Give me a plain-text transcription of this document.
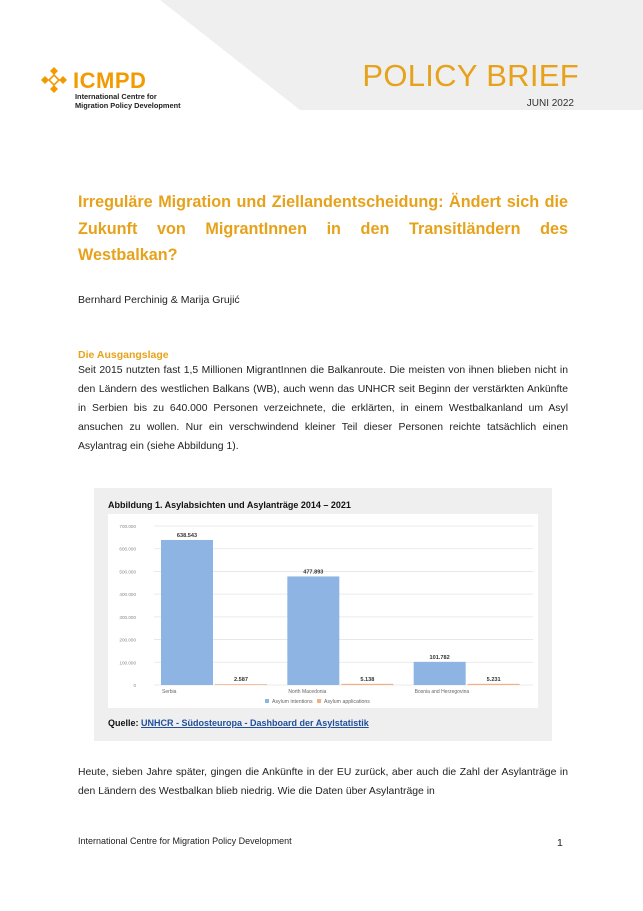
ICMPD
International Centre for
Migration Policy Development
POLICY BRIEF
JUNI 2022
Irreguläre Migration und Ziellandentscheidung: Ändert sich die Zukunft von MigrantInnen in den Transitländern des Westbalkan?
Bernhard Perchinig & Marija Grujić
Die Ausgangslage
Seit 2015 nutzten fast 1,5 Millionen MigrantInnen die Balkanroute. Die meisten von ihnen blieben nicht in den Ländern des westlichen Balkans (WB), auch wenn das UNHCR seit Beginn der verstärkten Ankünfte in Serbien bis zu 640.000 Personen verzeichnete, die erklärten, in einem Westbalkanland um Asyl ansuchen zu wollen. Nur ein verschwindend kleiner Teil dieser Personen reichte tatsächlich einen Asylantrag ein (siehe Abbildung 1).
Abbildung 1. Asylabsichten und Asylanträge 2014 – 2021
0
100.000
200.000
300.000
400.000
500.000
600.000
700.000
Serbia
638.543
2.587
North Macedonia
477.893
5.138
Bosnia and Herzegovina
101.782
5.231
Asylum intentions Asylum applications
Quelle: UNHCR - Südosteuropa - Dashboard der Asylstatistik
Heute, sieben Jahre später, gingen die Ankünfte in der EU zurück, aber auch die Zahl der Asylanträge in den Ländern des Westbalkan blieb niedrig. Wie die Daten über Asylanträge in
International Centre for Migration Policy Development	1
